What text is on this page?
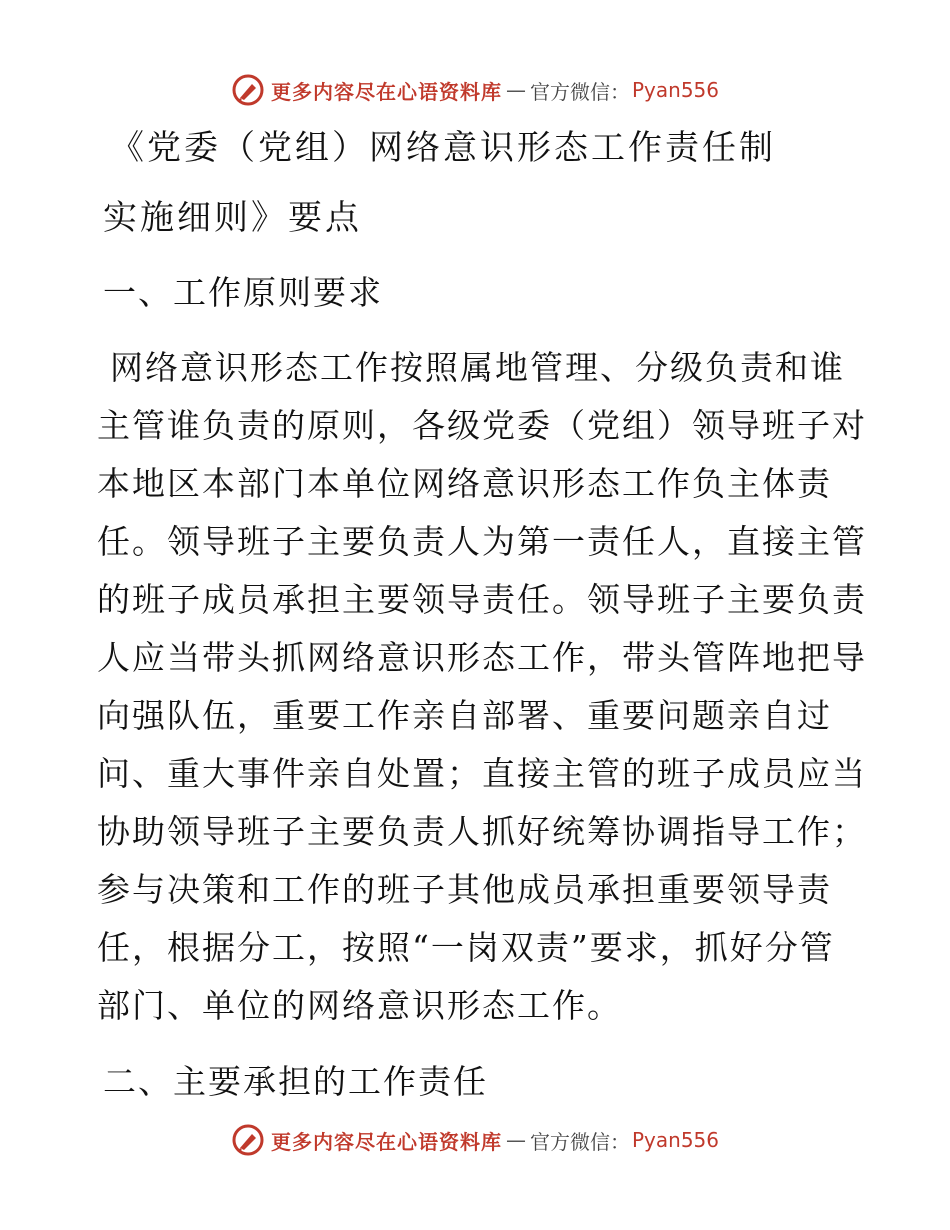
更多内容尽在心语资料库 — 官方微信： Pyan556
《党委（党组）网络意识形态工作责任制
实施细则》要点
一、工作原则要求
网络意识形态工作按照属地管理、分级负责和谁
主管谁负责的原则，各级党委（党组）领导班子对
本地区本部门本单位网络意识形态工作负主体责
任。领导班子主要负责人为第一责任人，直接主管
的班子成员承担主要领导责任。领导班子主要负责
人应当带头抓网络意识形态工作，带头管阵地把导
向强队伍，重要工作亲自部署、重要问题亲自过
问、重大事件亲自处置；直接主管的班子成员应当
协助领导班子主要负责人抓好统筹协调指导工作；
参与决策和工作的班子其他成员承担重要领导责
任，根据分工，按照“一岗双责”要求，抓好分管
部门、单位的网络意识形态工作。
二、主要承担的工作责任
更多内容尽在心语资料库 — 官方微信： Pyan556
